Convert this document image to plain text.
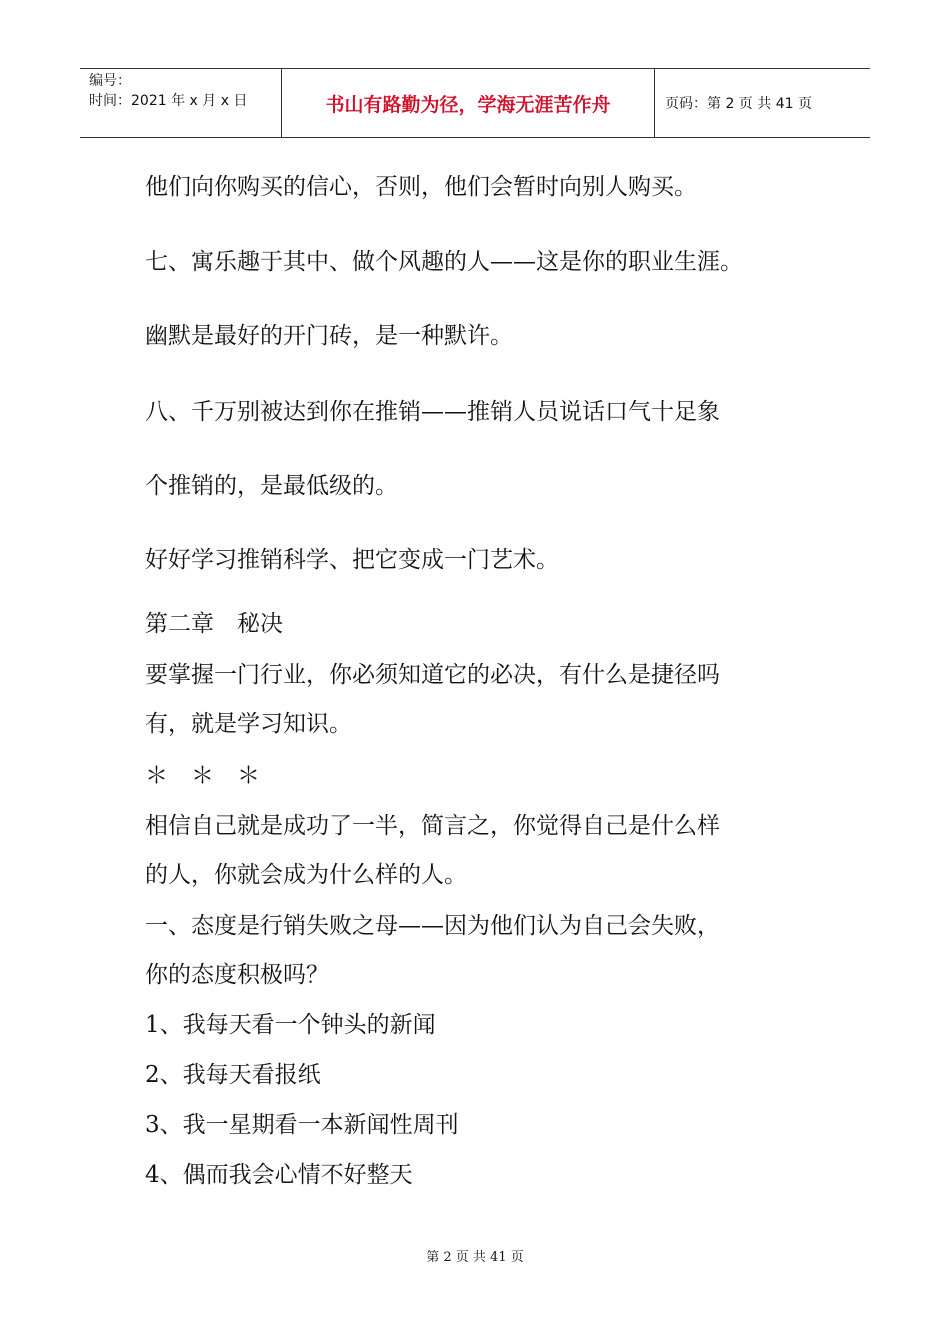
编号：
时间：2021 年 x 月 x 日	书山有路勤为径，学海无涯苦作舟	页码：第 2 页 共 41 页
他们向你购买的信心，否则，他们会暂时向别人购买。
七、寓乐趣于其中、做个风趣的人——这是你的职业生涯。
幽默是最好的开门砖，是一种默许。
八、千万别被达到你在推销——推销人员说话口气十足象
个推销的，是最低级的。
好好学习推销科学、把它变成一门艺术。
第二章　秘决
要掌握一门行业，你必须知道它的必决，有什么是捷径吗
有，就是学习知识。
＊　＊　＊
相信自己就是成功了一半，简言之，你觉得自己是什么样
的人，你就会成为什么样的人。
一、态度是行销失败之母——因为他们认为自己会失败，
你的态度积极吗？
1、我每天看一个钟头的新闻
2、我每天看报纸
3、我一星期看一本新闻性周刊
4、偶而我会心情不好整天
第 2 页 共 41 页
